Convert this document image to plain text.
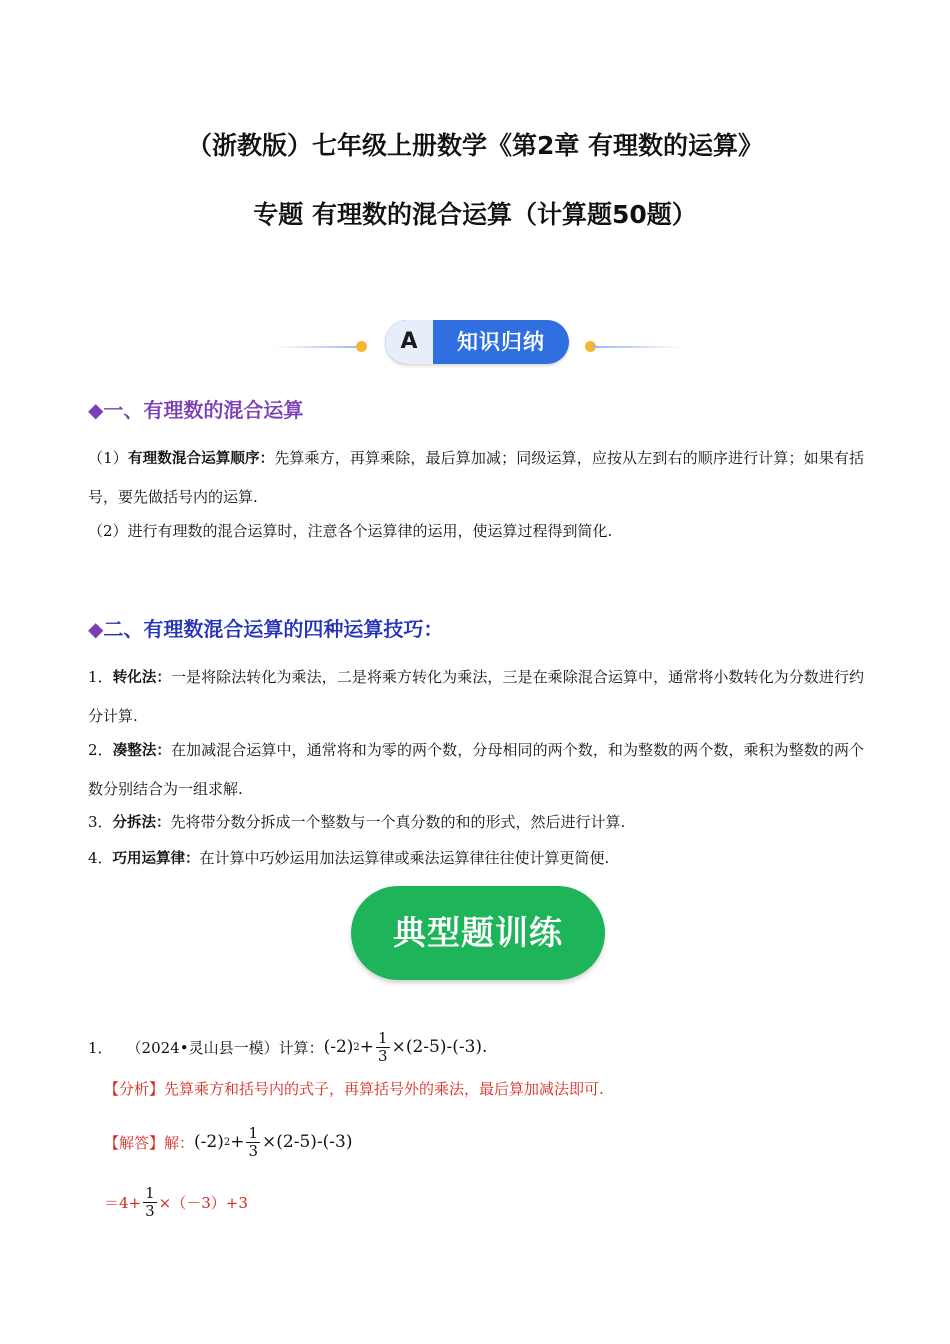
（浙教版）七年级上册数学《第2章 有理数的运算》
专题 有理数的混合运算（计算题50题）
A	知识归纳
◆一、有理数的混合运算
（1）有理数混合运算顺序：先算乘方，再算乘除，最后算加减；同级运算，应按从左到右的顺序进行计算；如果有括号，要先做括号内的运算.
（2）进行有理数的混合运算时，注意各个运算律的运用，使运算过程得到简化.
◆二、有理数混合运算的四种运算技巧：
1．转化法：一是将除法转化为乘法，二是将乘方转化为乘法，三是在乘除混合运算中，通常将小数转化为分数进行约分计算.
2．凑整法：在加减混合运算中，通常将和为零的两个数，分母相同的两个数，和为整数的两个数，乘积为整数的两个数分别结合为一组求解.
3．分拆法：先将带分数分拆成一个整数与一个真分数的和的形式，然后进行计算.
4．巧用运算律：在计算中巧妙运用加法运算律或乘法运算律往往使计算更简便.
典型题训练
1． （2024•灵山县一模）计算： (-2) $2 + \frac{1}{3} \times(2-5)-(-3)$.
【分析】先算乘方和括号内的式子，再算括号外的乘法，最后算加减法即可.
【解答】 解： (-2) $2 + \frac{1}{3} \times(2-5)-(-3)$
$=4+ \frac{1}{3} \times(-3)+3$
